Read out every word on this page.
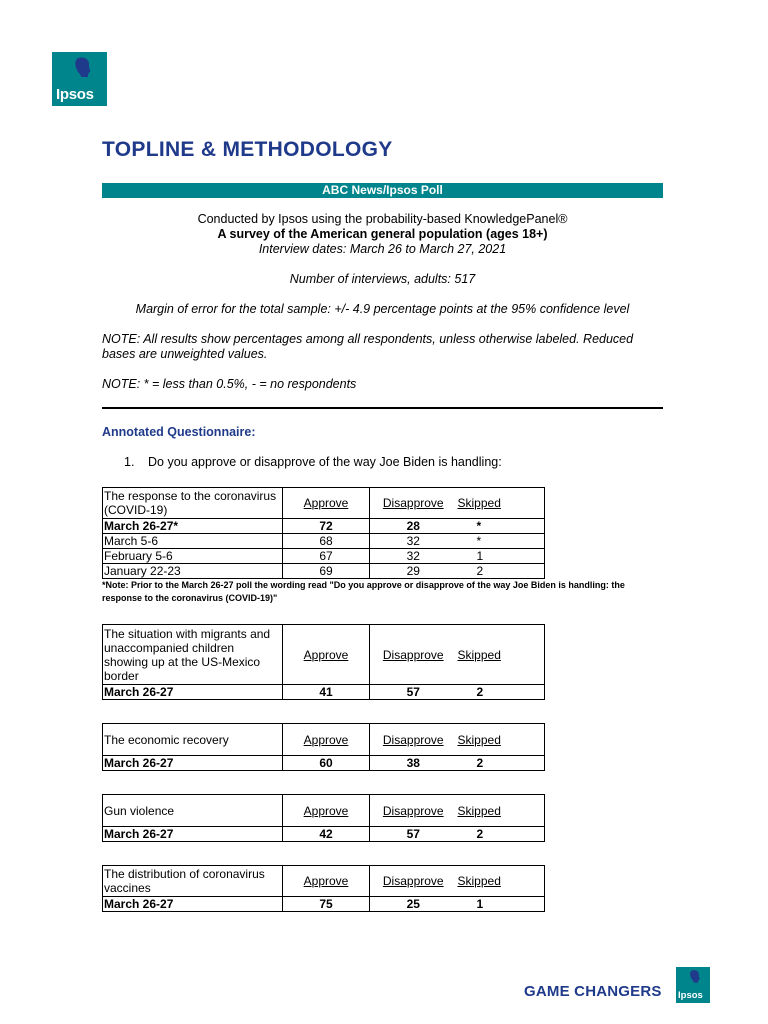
Ipsos
TOPLINE & METHODOLOGY
ABC News/Ipsos Poll
Conducted by Ipsos using the probability-based KnowledgePanel®
A survey of the American general population (ages 18+)
Interview dates: March 26 to March 27, 2021
Number of interviews, adults: 517
Margin of error for the total sample: +/- 4.9 percentage points at the 95% confidence level
NOTE: All results show percentages among all respondents, unless otherwise labeled. Reduced bases are unweighted values.
NOTE: * = less than 0.5%, - = no respondents
Annotated Questionnaire:
1. Do you approve or disapprove of the way Joe Biden is handling:
The response to the coronavirus (COVID-19)	Approve	Disapprove	Skipped
March 26-27*	72	28	*
March 5-6	68	32	*
February 5-6	67	32	1
January 22-23	69	29	2
*Note: Prior to the March 26-27 poll the wording read "Do you approve or disapprove of the way Joe Biden is handling: the response to the coronavirus (COVID-19)"
The situation with migrants and unaccompanied children showing up at the US-Mexico border	Approve	Disapprove	Skipped
March 26-27	41	57	2
The economic recovery	Approve	Disapprove	Skipped
March 26-27	60	38	2
Gun violence	Approve	Disapprove	Skipped
March 26-27	42	57	2
The distribution of coronavirus vaccines	Approve	Disapprove	Skipped
March 26-27	75	25	1
GAME CHANGERS Ipsos
